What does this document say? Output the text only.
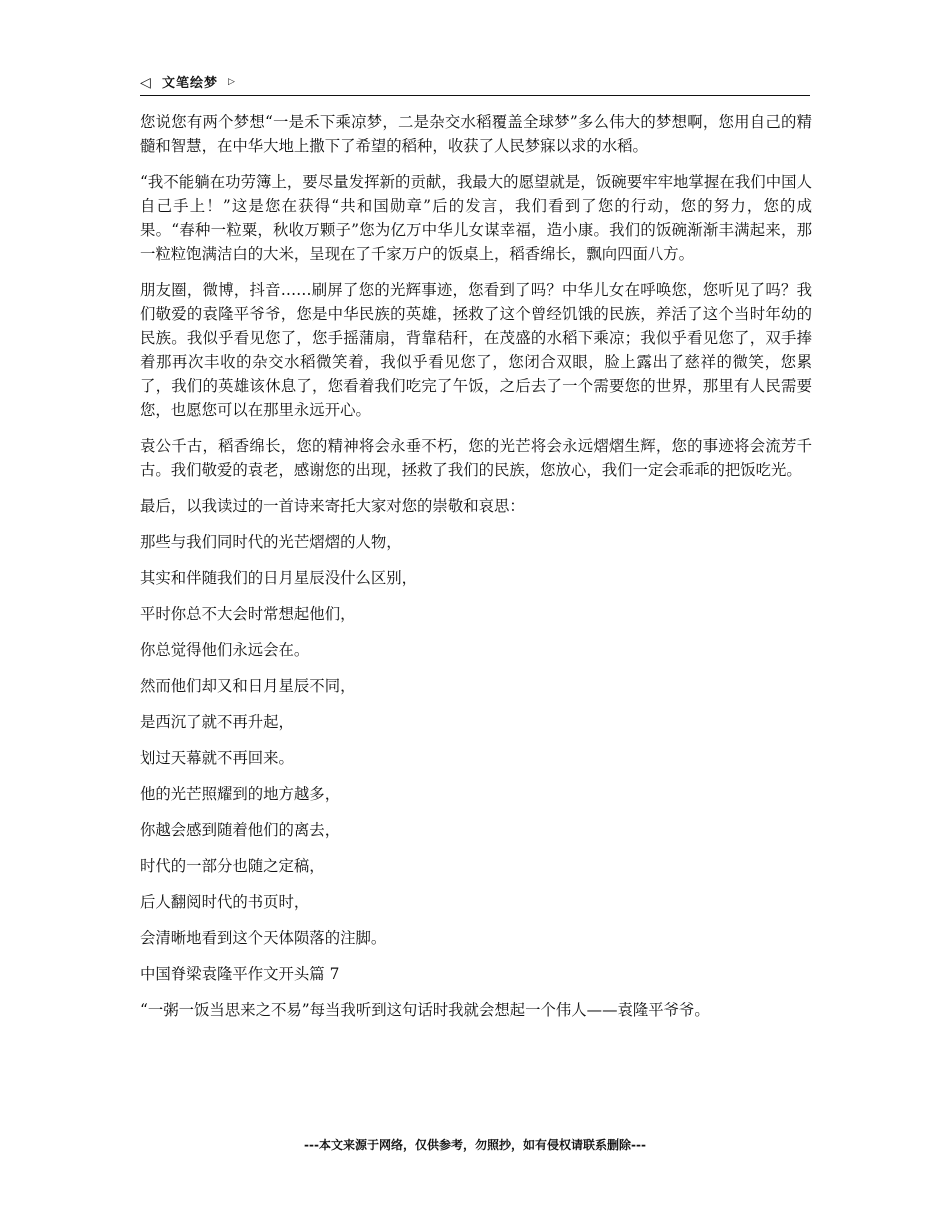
◁ 文笔绘梦 ▷

您说您有两个梦想“一是禾下乘凉梦，二是杂交水稻覆盖全球梦”多么伟大的梦想啊，您用自己的精髓和智慧，在中华大地上撒下了希望的稻种，收获了人民梦寐以求的水稻。

“我不能躺在功劳簿上，要尽量发挥新的贡献，我最大的愿望就是，饭碗要牢牢地掌握在我们中国人自己手上！”这是您在获得“共和国勋章”后的发言，我们看到了您的行动，您的努力，您的成果。“春种一粒粟，秋收万颗子”您为亿万中华儿女谋幸福，造小康。我们的饭碗渐渐丰满起来，那一粒粒饱满洁白的大米，呈现在了千家万户的饭桌上，稻香绵长，飘向四面八方。

朋友圈，微博，抖音……刷屏了您的光辉事迹，您看到了吗？中华儿女在呼唤您，您听见了吗？我们敬爱的袁隆平爷爷，您是中华民族的英雄，拯救了这个曾经饥饿的民族，养活了这个当时年幼的民族。我似乎看见您了，您手摇蒲扇，背靠秸秆，在茂盛的水稻下乘凉；我似乎看见您了，双手捧着那再次丰收的杂交水稻微笑着，我似乎看见您了，您闭合双眼，脸上露出了慈祥的微笑，您累了，我们的英雄该休息了，您看着我们吃完了午饭，之后去了一个需要您的世界，那里有人民需要您，也愿您可以在那里永远开心。

袁公千古，稻香绵长，您的精神将会永垂不朽，您的光芒将会永远熠熠生辉，您的事迹将会流芳千古。我们敬爱的袁老，感谢您的出现，拯救了我们的民族，您放心，我们一定会乖乖的把饭吃光。

最后，以我读过的一首诗来寄托大家对您的崇敬和哀思：

那些与我们同时代的光芒熠熠的人物，

其实和伴随我们的日月星辰没什么区别，

平时你总不大会时常想起他们，

你总觉得他们永远会在。

然而他们却又和日月星辰不同，

是西沉了就不再升起，

划过天幕就不再回来。

他的光芒照耀到的地方越多，

你越会感到随着他们的离去，

时代的一部分也随之定稿，

后人翻阅时代的书页时，

会清晰地看到这个天体陨落的注脚。

中国脊梁袁隆平作文开头篇 7

“一粥一饭当思来之不易”每当我听到这句话时我就会想起一个伟人——袁隆平爷爷。

---本文来源于网络，仅供参考，勿照抄，如有侵权请联系删除---
